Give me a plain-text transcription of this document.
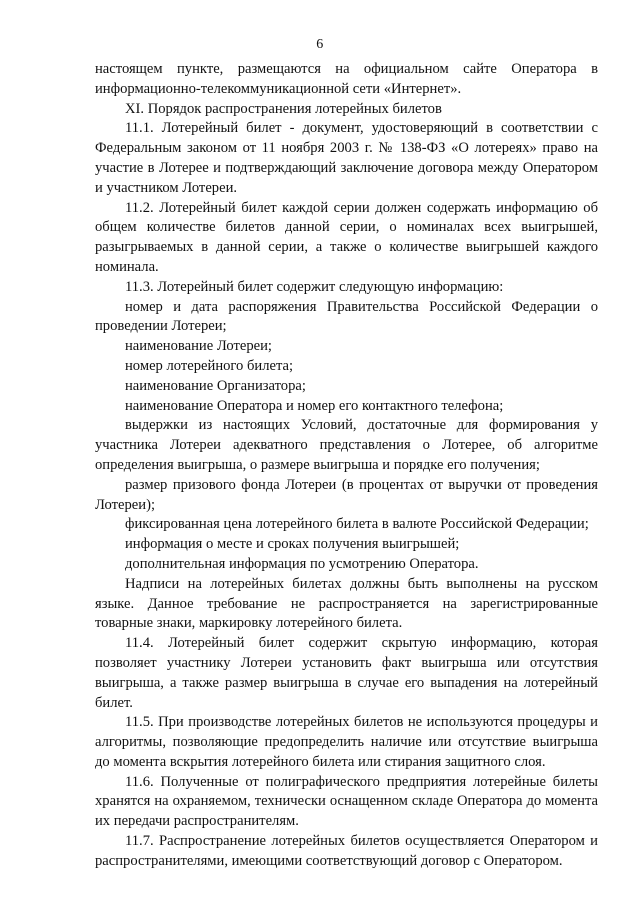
6

настоящем пункте, размещаются на официальном сайте Оператора в информационно-телекоммуникационной сети «Интернет».

XI. Порядок распространения лотерейных билетов

11.1. Лотерейный билет - документ, удостоверяющий в соответствии с Федеральным законом от 11 ноября 2003 г. № 138-ФЗ «О лотереях» право на участие в Лотерее и подтверждающий заключение договора между Оператором и участником Лотереи.

11.2. Лотерейный билет каждой серии должен содержать информацию об общем количестве билетов данной серии, о номиналах всех выигрышей, разыгрываемых в данной серии, а также о количестве выигрышей каждого номинала.

11.3. Лотерейный билет содержит следующую информацию:

номер и дата распоряжения Правительства Российской Федерации о проведении Лотереи;

наименование Лотереи;

номер лотерейного билета;

наименование Организатора;

наименование Оператора и номер его контактного телефона;

выдержки из настоящих Условий, достаточные для формирования у участника Лотереи адекватного представления о Лотерее, об алгоритме определения выигрыша, о размере выигрыша и порядке его получения;

размер призового фонда Лотереи (в процентах от выручки от проведения Лотереи);

фиксированная цена лотерейного билета в валюте Российской Федерации;

информация о месте и сроках получения выигрышей;

дополнительная информация по усмотрению Оператора.

Надписи на лотерейных билетах должны быть выполнены на русском языке. Данное требование не распространяется на зарегистрированные товарные знаки, маркировку лотерейного билета.

11.4. Лотерейный билет содержит скрытую информацию, которая позволяет участнику Лотереи установить факт выигрыша или отсутствия выигрыша, а также размер выигрыша в случае его выпадения на лотерейный билет.

11.5. При производстве лотерейных билетов не используются процедуры и алгоритмы, позволяющие предопределить наличие или отсутствие выигрыша до момента вскрытия лотерейного билета или стирания защитного слоя.

11.6. Полученные от полиграфического предприятия лотерейные билеты хранятся на охраняемом, технически оснащенном складе Оператора до момента их передачи распространителям.

11.7. Распространение лотерейных билетов осуществляется Оператором и распространителями, имеющими соответствующий договор с Оператором.
